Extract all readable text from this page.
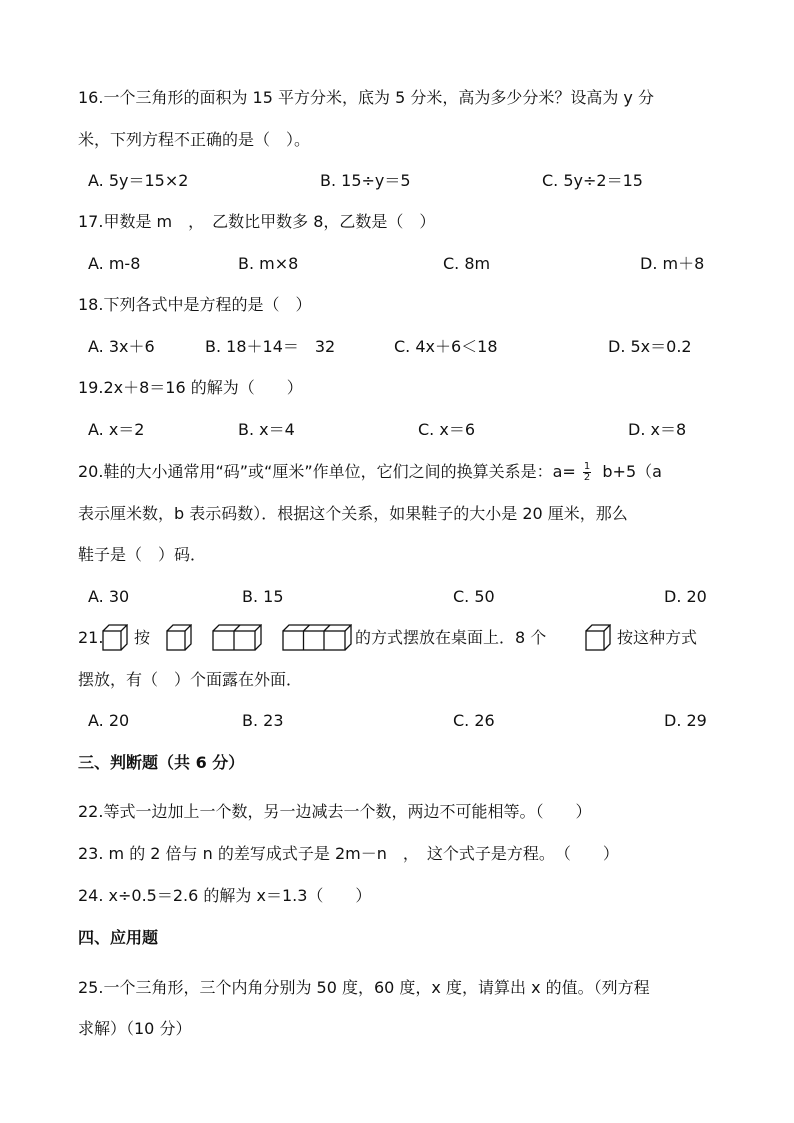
16.一个三角形的面积为 15 平方分米，底为 5 分米，高为多少分米？设高为 y 分
米，下列方程不正确的是（　）。
A. 5y＝15×2	B. 15÷y＝5	C. 5y÷2＝15
17.甲数是 m　，　乙数比甲数多 8，乙数是（　）
A. m-8	B. m×8	C. 8m	D. m＋8
18.下列各式中是方程的是（　）
A. 3x＋6	B. 18＋14＝　32	C. 4x＋6＜18	D. 5x＝0.2
19.2x＋8＝16 的解为（　　）
A. x＝2	B. x＝4	C. x＝6	D. x＝8
20.鞋的大小通常用“码”或“厘米”作单位，它们之间的换算关系是：$a= \frac{1}{2} b+5(a$
表示厘米数，b 表示码数）．根据这个关系，如果鞋子的大小是 20 厘米，那么
鞋子是（　）码．
A. 30	B. 15	C. 50	D. 20
21. 按	的方式摆放在桌面上．8 个	按这种方式
摆放，有（　）个面露在外面．
A. 20	B. 23	C. 26	D. 29
三、判断题（共 6 分）
22.等式一边加上一个数，另一边减去一个数，两边不可能相等。（　　）
23. m 的 2 倍与 n 的差写成式子是 2m－n　，　这个式子是方程。　（　　）
24. x÷0.5＝2.6 的解为 x＝1.3（　　）
四、应用题
25.一个三角形，三个内角分别为 50 度，60 度，x 度，请算出 x 的值。（列方程
求解）（10 分）
